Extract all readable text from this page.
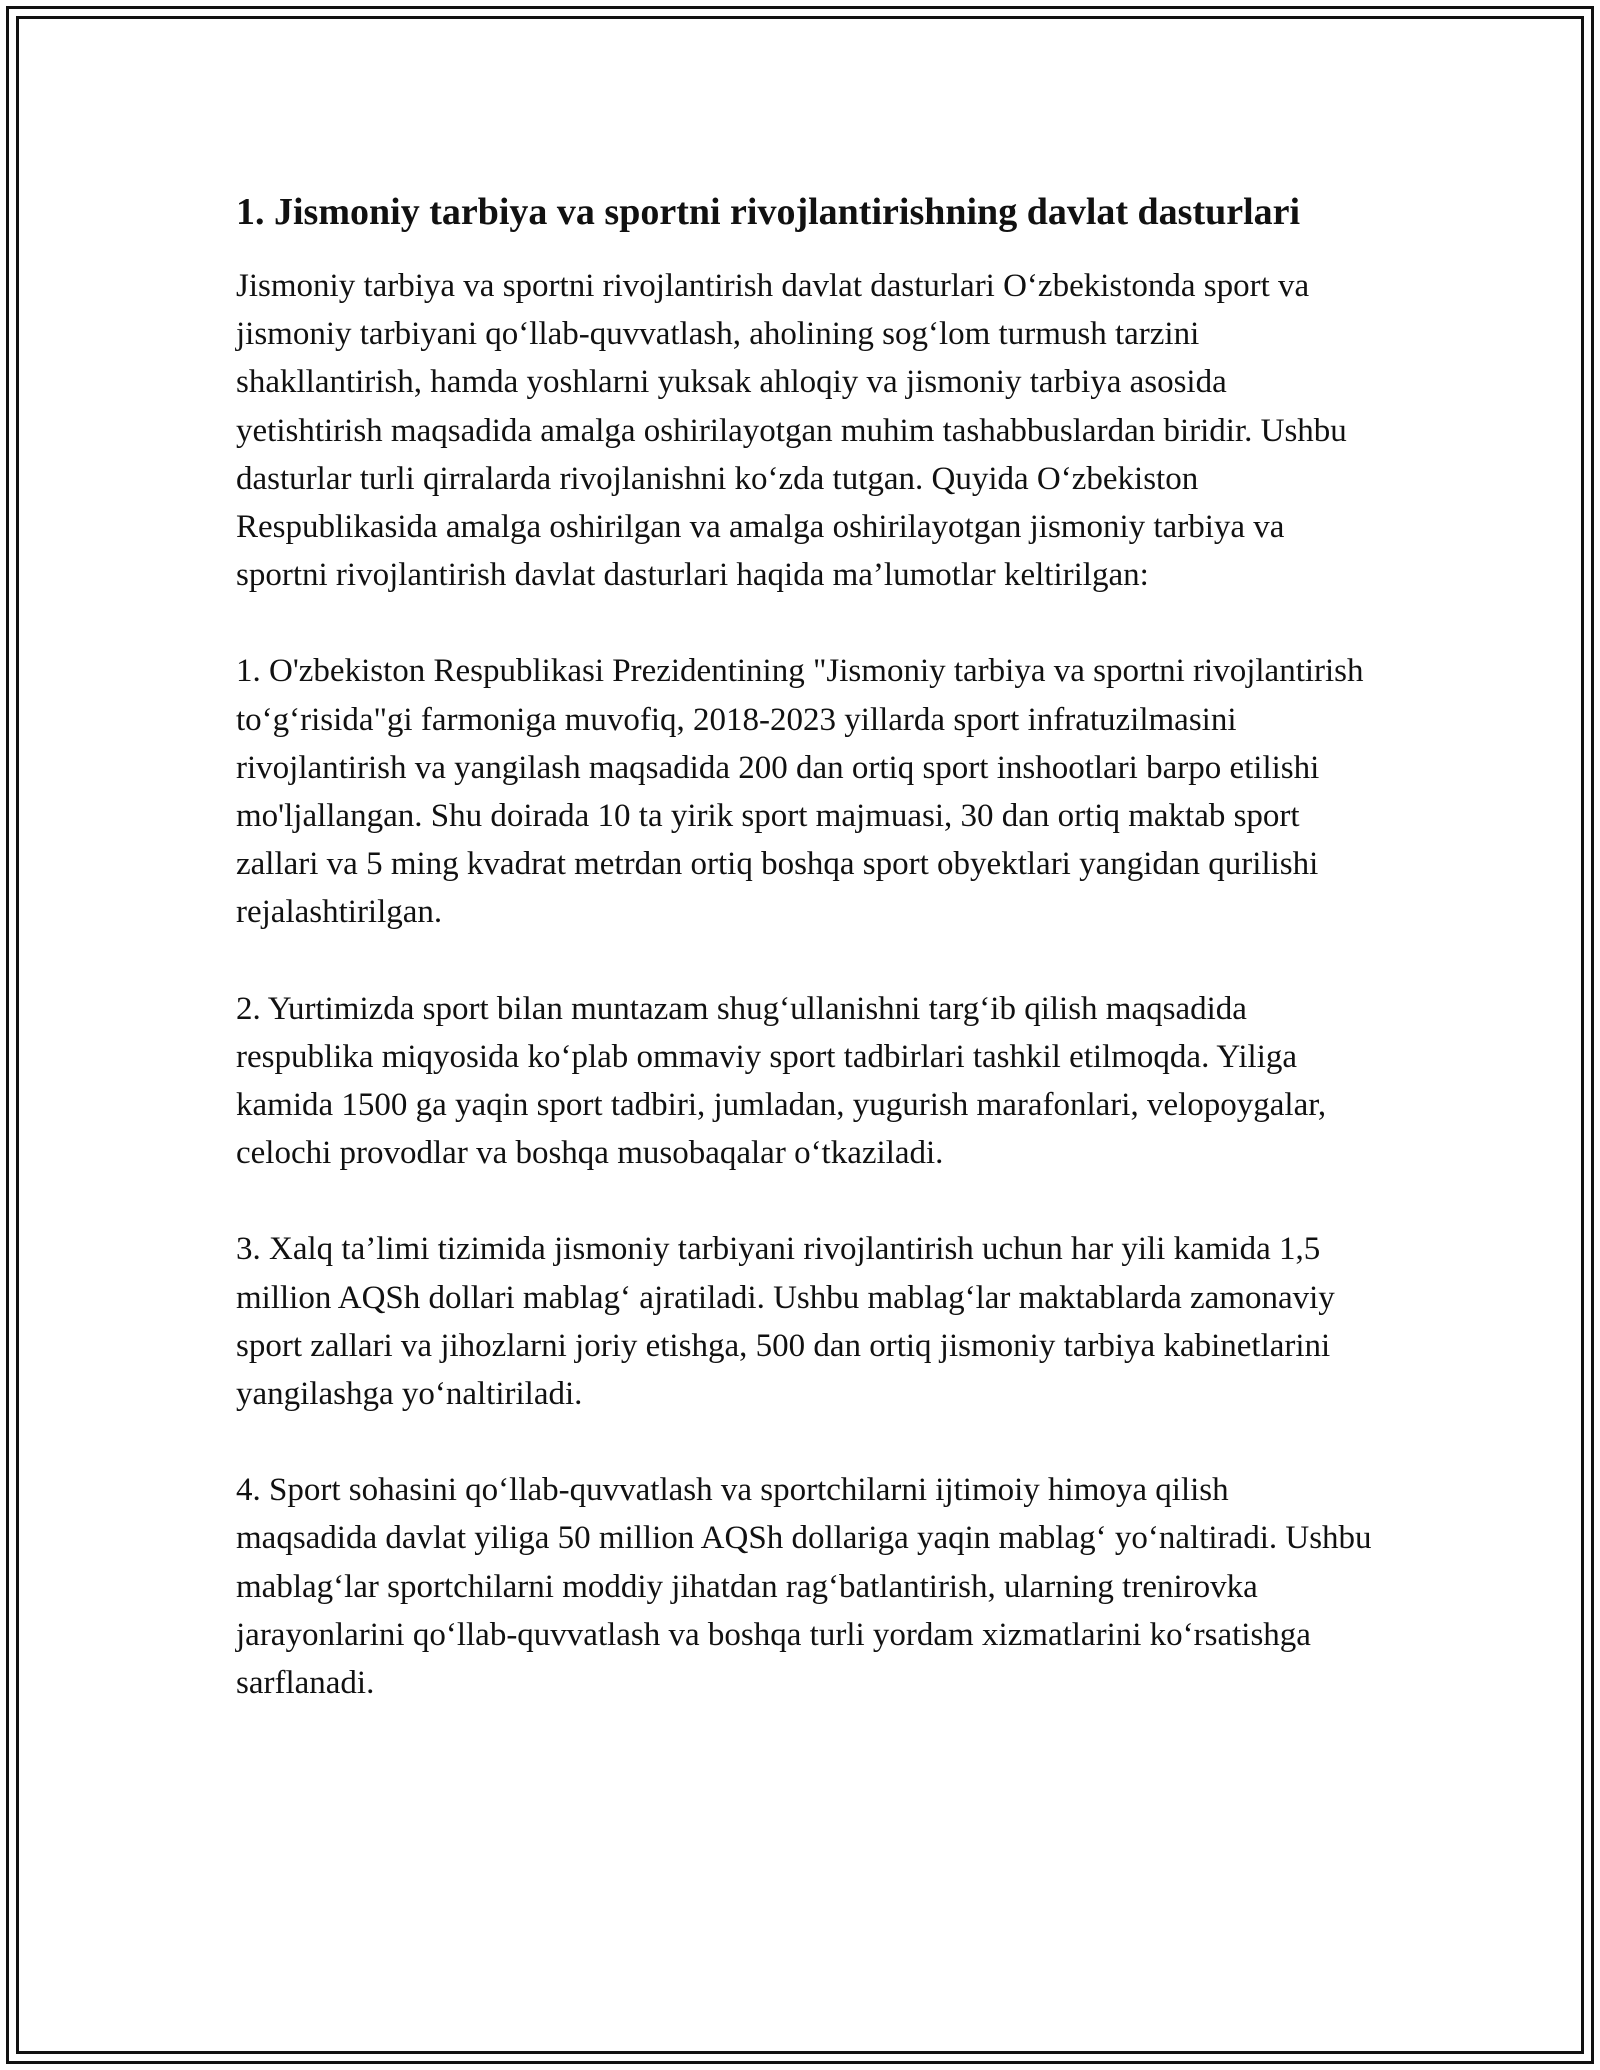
1. Jismoniy tarbiya va sportni rivojlantirishning davlat dasturlari

Jismoniy tarbiya va sportni rivojlantirish davlat dasturlari O‘zbekistonda sport va jismoniy tarbiyani qo‘llab-quvvatlash, aholining sog‘lom turmush tarzini shakllantirish, hamda yoshlarni yuksak ahloqiy va jismoniy tarbiya asosida yetishtirish maqsadida amalga oshirilayotgan muhim tashabbuslardan biridir. Ushbu dasturlar turli qirralarda rivojlanishni ko‘zda tutgan. Quyida O‘zbekiston Respublikasida amalga oshirilgan va amalga oshirilayotgan jismoniy tarbiya va sportni rivojlantirish davlat dasturlari haqida ma’lumotlar keltirilgan:

1. O'zbekiston Respublikasi Prezidentining "Jismoniy tarbiya va sportni rivojlantirish to‘g‘risida"gi farmoniga muvofiq, 2018-2023 yillarda sport infratuzilmasini rivojlantirish va yangilash maqsadida 200 dan ortiq sport inshootlari barpo etilishi mo'ljallangan. Shu doirada 10 ta yirik sport majmuasi, 30 dan ortiq maktab sport zallari va 5 ming kvadrat metrdan ortiq boshqa sport obyektlari yangidan qurilishi rejalashtirilgan.

2. Yurtimizda sport bilan muntazam shug‘ullanishni targ‘ib qilish maqsadida respublika miqyosida ko‘plab ommaviy sport tadbirlari tashkil etilmoqda. Yiliga kamida 1500 ga yaqin sport tadbiri, jumladan, yugurish marafonlari, velopoygalar, celochi provodlar va boshqa musobaqalar o‘tkaziladi.

3. Xalq ta’limi tizimida jismoniy tarbiyani rivojlantirish uchun har yili kamida 1,5 million AQSh dollari mablag‘ ajratiladi. Ushbu mablag‘lar maktablarda zamonaviy sport zallari va jihozlarni joriy etishga, 500 dan ortiq jismoniy tarbiya kabinetlarini yangilashga yo‘naltiriladi.

4. Sport sohasini qo‘llab-quvvatlash va sportchilarni ijtimoiy himoya qilish maqsadida davlat yiliga 50 million AQSh dollariga yaqin mablag‘ yo‘naltiradi. Ushbu mablag‘lar sportchilarni moddiy jihatdan rag‘batlantirish, ularning trenirovka jarayonlarini qo‘llab-quvvatlash va boshqa turli yordam xizmatlarini ko‘rsatishga sarflanadi.
